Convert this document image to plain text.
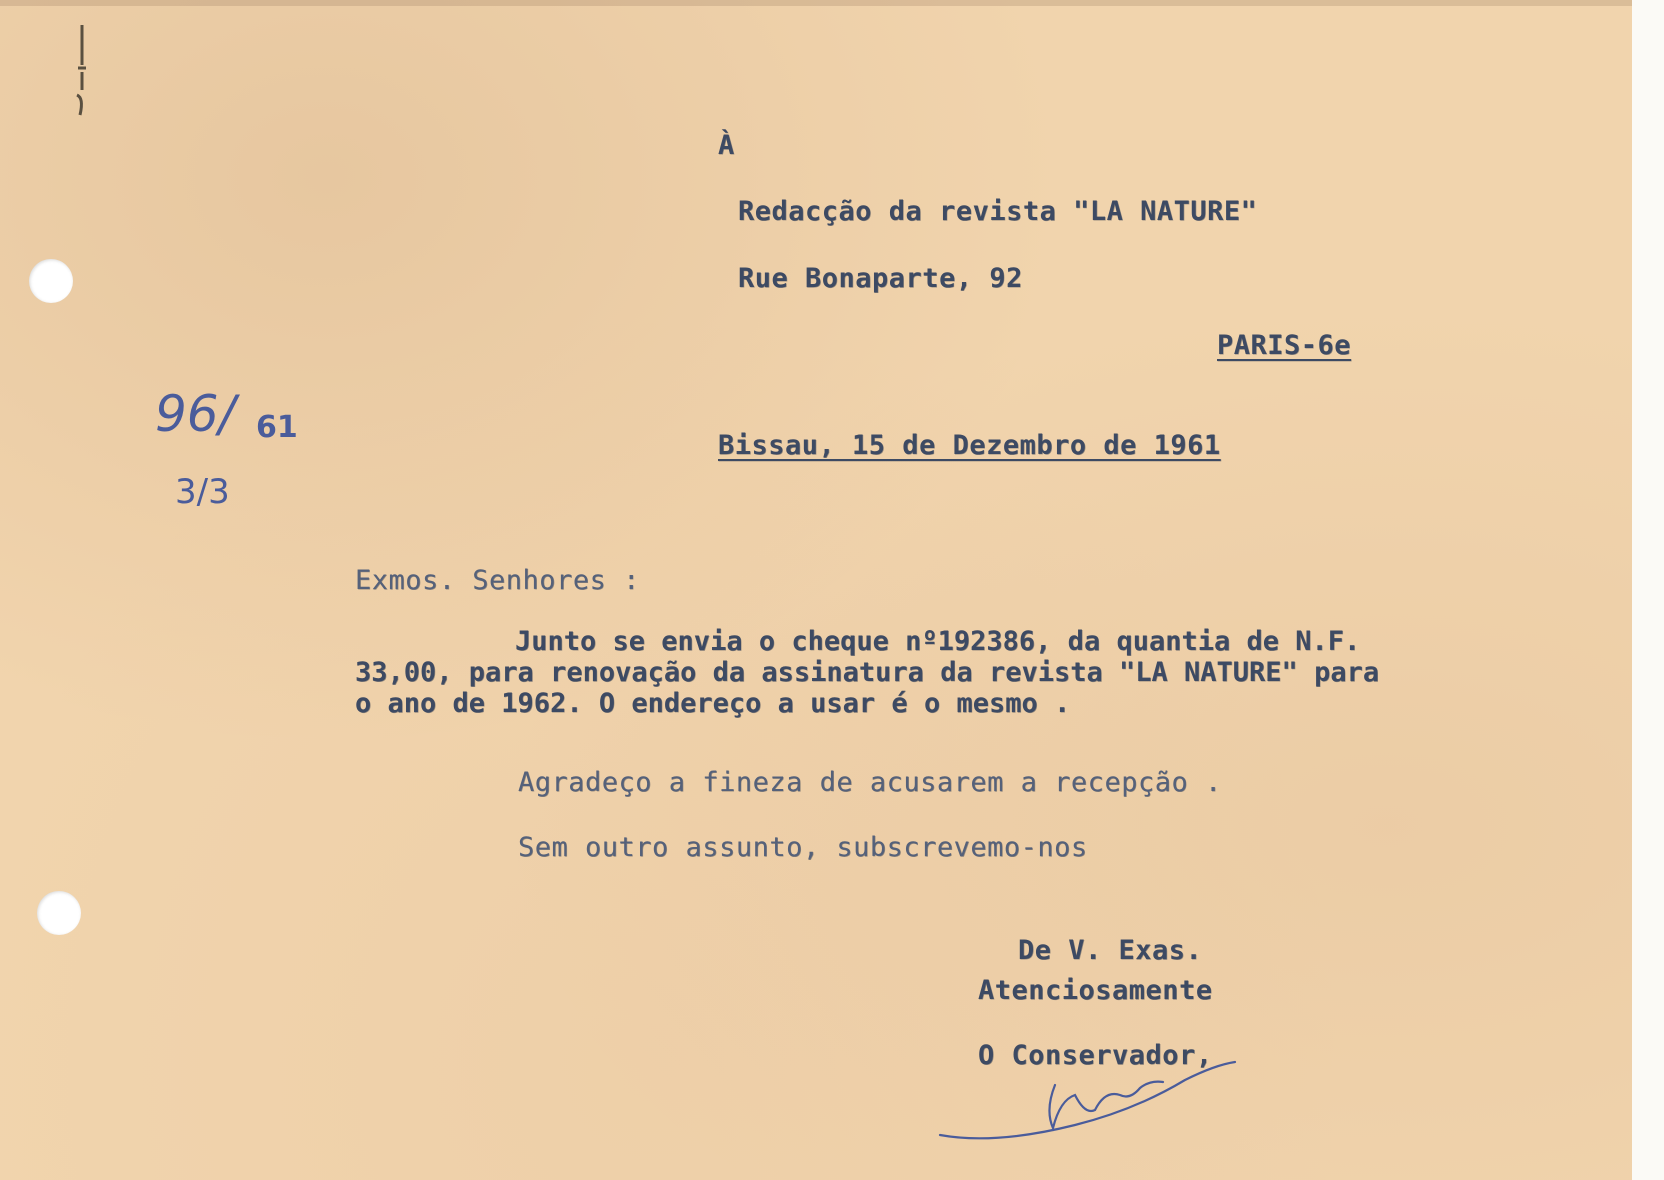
À
Redacção da revista "LA NATURE"
Rue Bonaparte, 92
PARIS-6e
96/ 61
3/3
Bissau, 15 de Dezembro de 1961
Exmos. Senhores :
Junto se envia o cheque nº192386, da quantia de N.F.
33,00, para renovação da assinatura da revista "LA NATURE" para
o ano de 1962. O endereço a usar é o mesmo .
Agradeço a fineza de acusarem a recepção .
Sem outro assunto, subscrevemo-nos
De V. Exas.
Atenciosamente
O Conservador,
